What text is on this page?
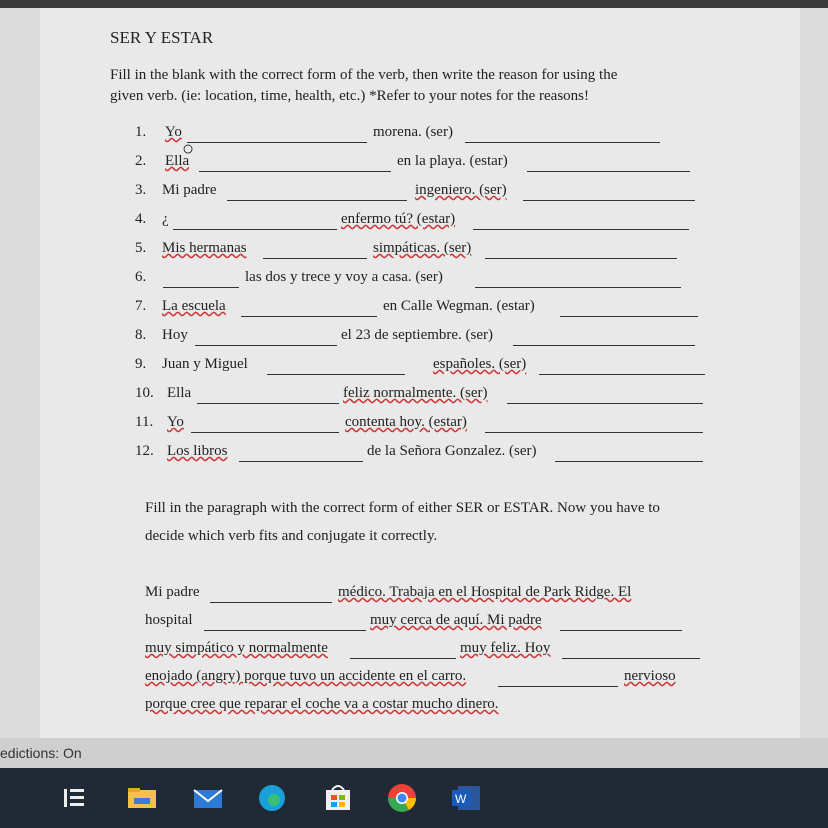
SER Y ESTAR
Fill in the blank with the correct form of the verb, then write the reason for using the
given verb. (ie: location, time, health, etc.) *Refer to your notes for the reasons!
1. Yo	morena. (ser)
○
2. Ella	en la playa. (estar)
3. Mi padre	ingeniero. (ser)
4. ¿	enfermo tú? (estar)
5. Mis hermanas	simpáticas. (ser)
6.	las dos y trece y voy a casa. (ser)
7. La escuela	en Calle Wegman. (estar)
8. Hoy	el 23 de septiembre. (ser)
9. Juan y Miguel	españoles. (ser)
10. Ella	feliz normalmente. (ser)
11. Yo	contenta hoy. (estar)
12. Los libros	de la Señora Gonzalez. (ser)
Fill in the paragraph with the correct form of either SER or ESTAR. Now you have to
decide which verb fits and conjugate it correctly.
Mi padre	médico. Trabaja en el Hospital de Park Ridge. El
hospital	muy cerca de aquí. Mi padre
muy simpático y normalmente	muy feliz. Hoy
enojado (angry) porque tuvo un accidente en el carro.	nervioso
porque cree que reparar el coche va a costar mucho dinero.
edictions: On
W
